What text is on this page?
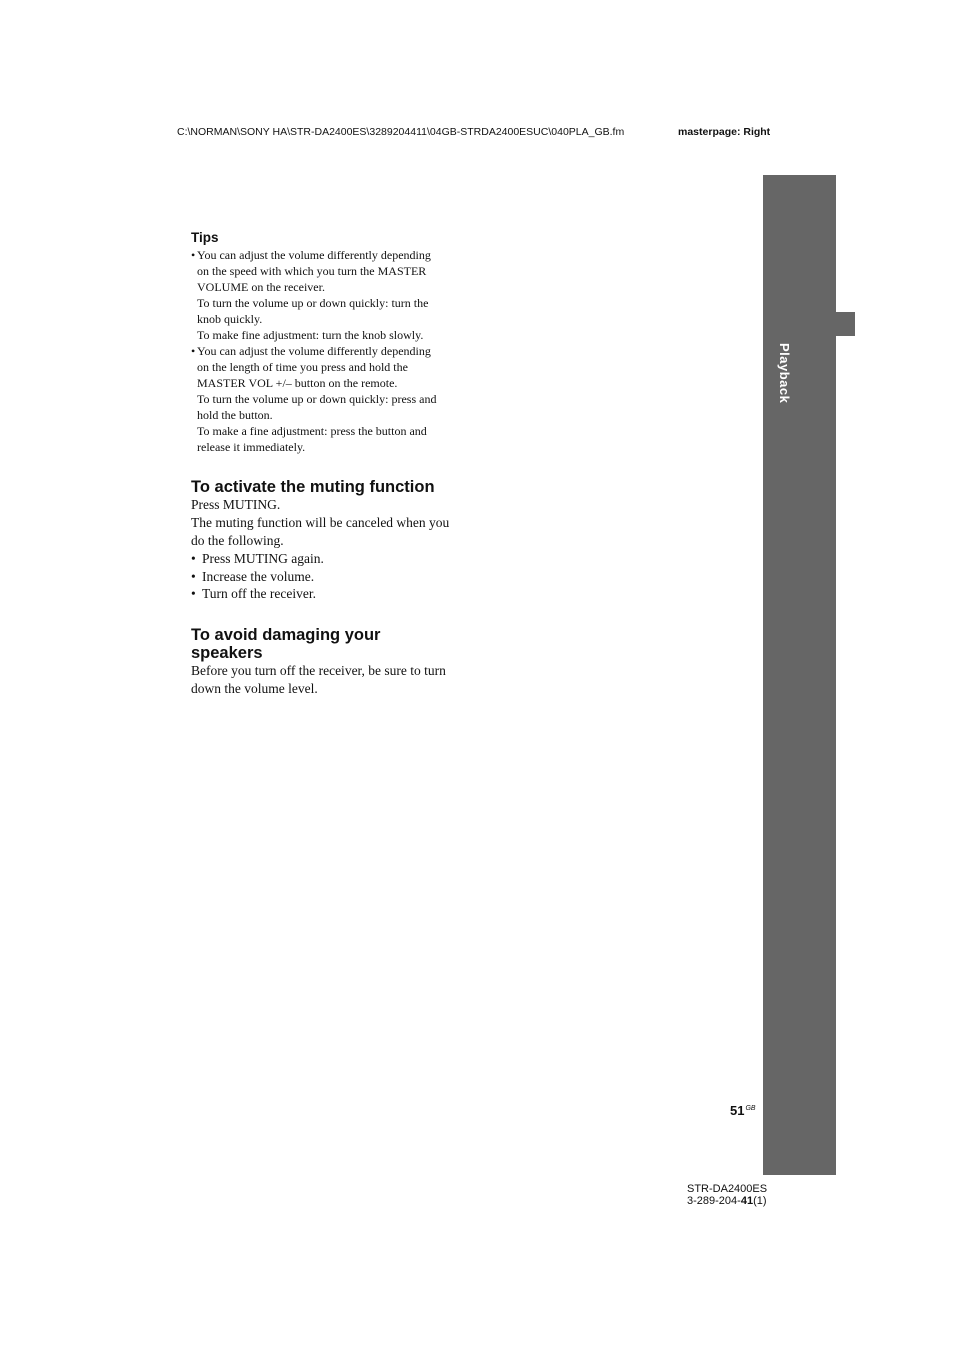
C:\NORMAN\SONY HA\STR-DA2400ES\3289204411\04GB-STRDA2400ESUC\040PLA_GB.fm	masterpage: Right
Playback
Tips
• You can adjust the volume differently depending
on the speed with which you turn the MASTER
VOLUME on the receiver.
To turn the volume up or down quickly: turn the
knob quickly.
To make fine adjustment: turn the knob slowly.
• You can adjust the volume differently depending
on the length of time you press and hold the
MASTER VOL +/– button on the remote.
To turn the volume up or down quickly: press and
hold the button.
To make a fine adjustment: press the button and
release it immediately.
To activate the muting function

Press MUTING.

The muting function will be canceled when you do the following.

• Press MUTING again.
• Increase the volume.
• Turn off the receiver.
To avoid damaging your
speakers

Before you turn off the receiver, be sure to turn down the volume level.

$51^{GB}$
STR-DA2400ES
3-289-204-41(1)
